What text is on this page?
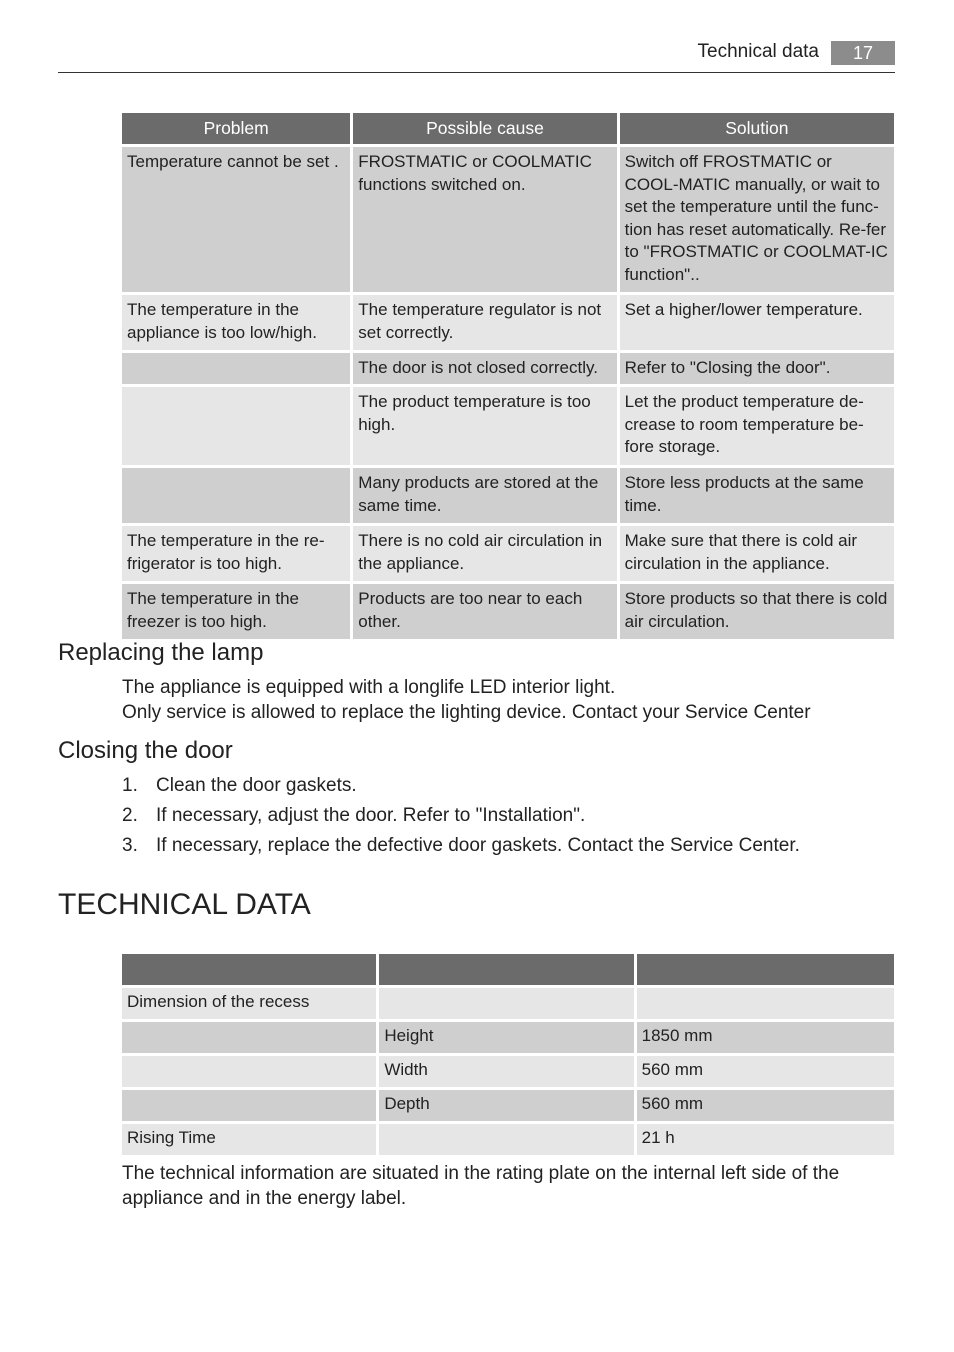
Technical data	17
Problem	Possible cause	Solution
Temperature cannot be set .	FROSTMATIC or COOLMATIC functions switched on.	Switch off FROSTMATIC or COOL-MATIC manually, or wait to set the temperature until the func-tion has reset automatically. Re-fer to "FROSTMATIC or COOLMAT-IC function"..
The temperature in the appliance is too low/high.	The temperature regulator is not set correctly.	Set a higher/lower temperature.
	The door is not closed correctly.	Refer to "Closing the door".
	The product temperature is too high.	Let the product temperature de-crease to room temperature be-fore storage.
	Many products are stored at the same time.	Store less products at the same time.
The temperature in the re-frigerator is too high.	There is no cold air circulation in the appliance.	Make sure that there is cold air circulation in the appliance.
The temperature in the freezer is too high.	Products are too near to each other.	Store products so that there is cold air circulation.
Replacing the lamp

The appliance is equipped with a longlife LED interior light.

Only service is allowed to replace the lighting device. Contact your Service Center

Closing the door
1. Clean the door gaskets.
2. If necessary, adjust the door. Refer to "Installation".
3. If necessary, replace the defective door gaskets. Contact the Service Center.
TECHNICAL DATA

Dimension of the recess		
	Height	1850 mm
	Width	560 mm
	Depth	560 mm
Rising Time		21 h

The technical information are situated in the rating plate on the internal left side of the appliance and in the energy label.
